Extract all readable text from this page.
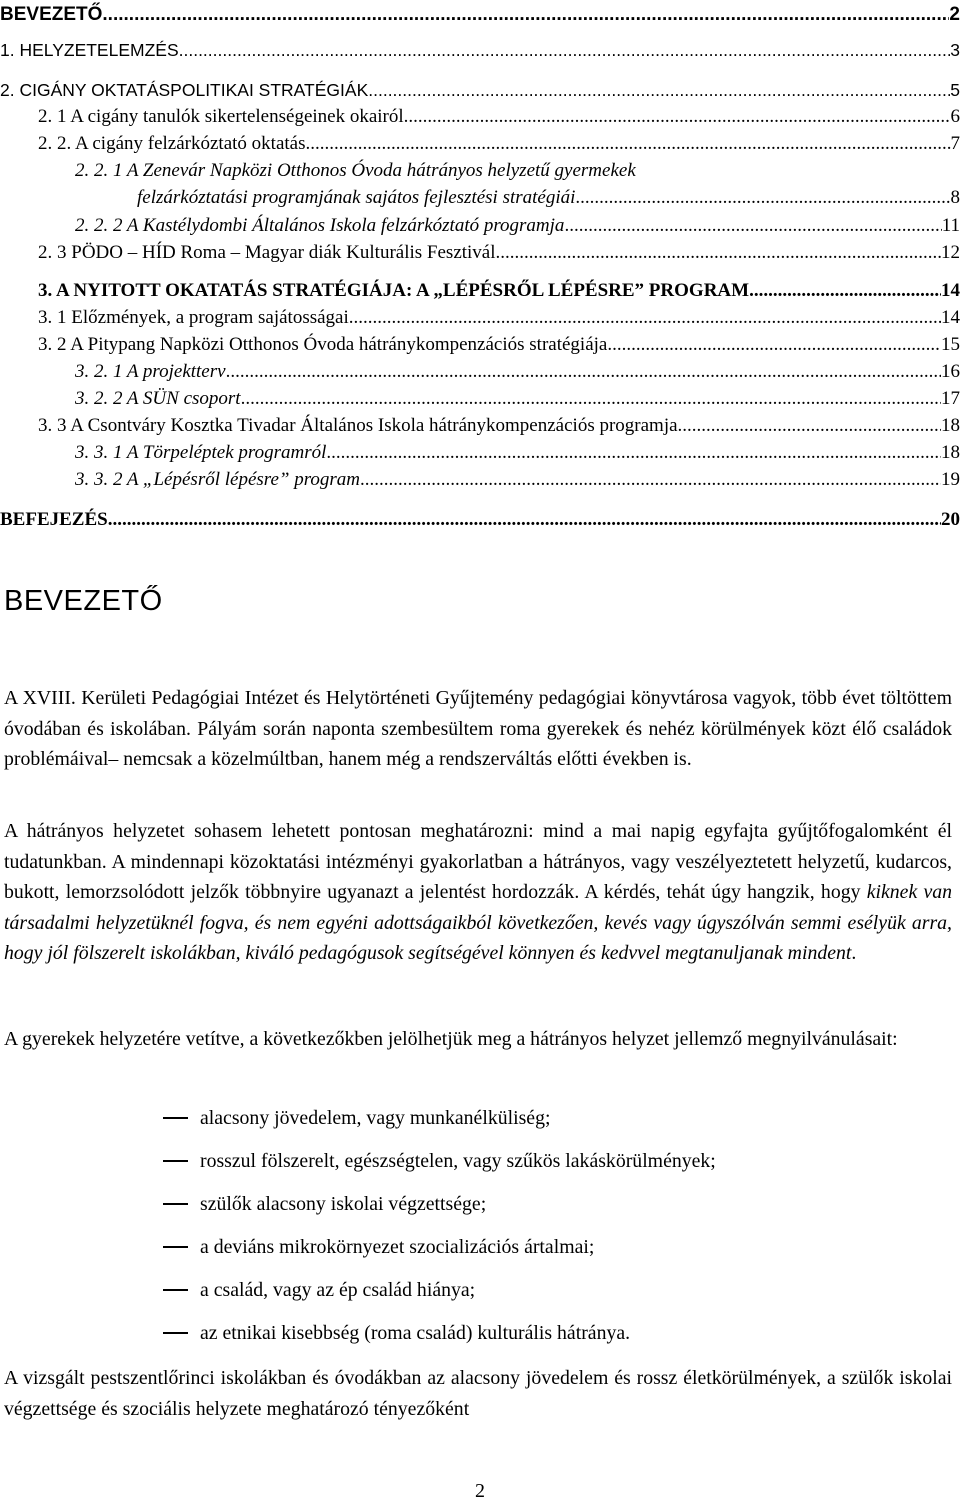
BEVEZETŐ .....	2
1. HELYZETELEMZÉS .....	3
2. CIGÁNY OKTATÁSPOLITIKAI STRATÉGIÁK .....	5
2. 1 A cigány tanulók sikertelenségeinek okairól .....	6
2. 2. A cigány felzárkóztató oktatás .....	7
2. 2. 1 A Zenevár Napközi Otthonos Óvoda hátrányos helyzetű gyermekek
felzárkóztatási programjának sajátos fejlesztési stratégiái .....	8
2. 2. 2 A Kastélydombi Általános Iskola felzárkóztató programja .....	11
2. 3 PÖDO – HÍD Roma – Magyar diák Kulturális Fesztivál .....	12
3. A NYITOTT OKATATÁS STRATÉGIÁJA: A „LÉPÉSRŐL LÉPÉSRE” PROGRAM. .....	14
3. 1 Előzmények, a program sajátosságai .....	14
3. 2 A Pitypang Napközi Otthonos Óvoda hátránykompenzációs stratégiája .....	15
3. 2. 1 A projektterv .....	16
3. 2. 2 A SÜN csoport .....	17
3. 3 A Csontváry Kosztka Tivadar Általános Iskola hátránykompenzációs programja .....	18
3. 3. 1 A Törpeléptek programról .....	18
3. 3. 2 A „Lépésről lépésre” program .....	19
BEFEJEZÉS .....	20
BEVEZETŐ

A XVIII. Kerületi Pedagógiai Intézet és Helytörténeti Gyűjtemény pedagógiai könyvtárosa vagyok, több évet töltöttem óvodában és iskolában. Pályám során naponta szembesültem roma gyerekek és nehéz körülmények közt élő családok problémáival– nemcsak a közelmúltban, hanem még a rendszerváltás előtti években is.

A hátrányos helyzetet sohasem lehetett pontosan meghatározni: mind a mai napig egyfajta gyűjtőfogalomként él tudatunkban. A mindennapi közoktatási intézményi gyakorlatban a hátrányos, vagy veszélyeztetett helyzetű, kudarcos, bukott, lemorzsolódott jelzők többnyire ugyanazt a jelentést hordozzák. A kérdés, tehát úgy hangzik, hogy kiknek van társadalmi helyzetüknél fogva, és nem egyéni adottságaikból következően, kevés vagy úgyszólván semmi esélyük arra, hogy jól fölszerelt iskolákban, kiváló pedagógusok segítségével könnyen és kedvvel megtanuljanak mindent.

A gyerekek helyzetére vetítve, a következőkben jelölhetjük meg a hátrányos helyzet jellemző megnyilvánulásait:

alacsony jövedelem, vagy munkanélküliség;
rosszul fölszerelt, egészségtelen, vagy szűkös lakáskörülmények;
szülők alacsony iskolai végzettsége;
a deviáns mikrokörnyezet szocializációs ártalmai;
a család, vagy az ép család hiánya;
az etnikai kisebbség (roma család) kulturális hátránya.

A vizsgált pestszentlőrinci iskolákban és óvodákban az alacsony jövedelem és rossz életkörülmények, a szülők iskolai végzettsége és szociális helyzete meghatározó tényezőként

2
